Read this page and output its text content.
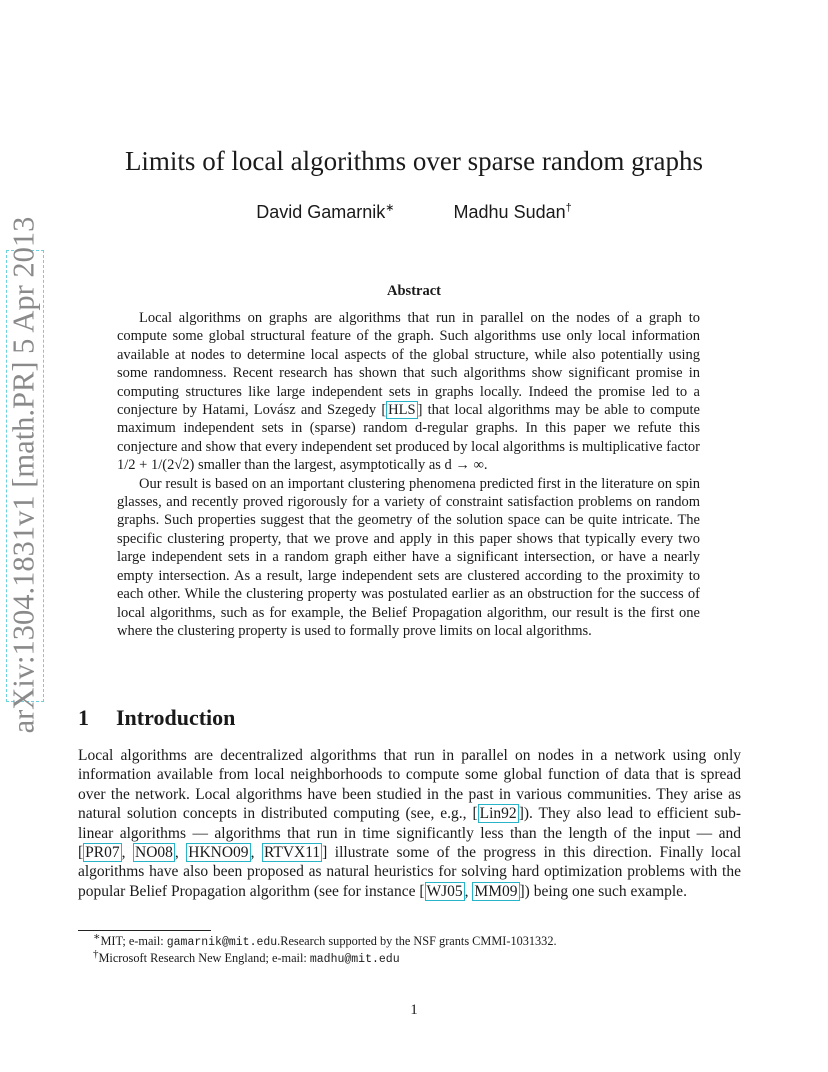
Limits of local algorithms over sparse random graphs
David Gamarnik∗	Madhu Sudan†
arXiv:1304.1831v1 [math.PR] 5 Apr 2013	Abstract

Local algorithms on graphs are algorithms that run in parallel on the nodes of a graph to compute some global structural feature of the graph. Such algorithms use only local information available at nodes to determine local aspects of the global structure, while also potentially using some randomness. Recent research has shown that such algorithms show significant promise in computing structures like large independent sets in graphs locally. Indeed the promise led to a conjecture by Hatami, Lovász and Szegedy [ HLS ] that local algorithms may be able to compute maximum independent sets in (sparse) random d-regular graphs. In this paper we refute this conjecture and show that every independent set produced by local algorithms is multiplicative factor 1/2 + 1/(2√2) smaller than the largest, asymptotically as d → ∞.

Our result is based on an important clustering phenomena predicted first in the literature on spin glasses, and recently proved rigorously for a variety of constraint satisfaction problems on random graphs. Such properties suggest that the geometry of the solution space can be quite intricate. The specific clustering property, that we prove and apply in this paper shows that typically every two large independent sets in a random graph either have a significant intersection, or have a nearly empty intersection. As a result, large independent sets are clustered according to the proximity to each other. While the clustering property was postulated earlier as an obstruction for the success of local algorithms, such as for example, the Belief Propagation algorithm, our result is the first one where the clustering property is used to formally prove limits on local algorithms.

1 Introduction

Local algorithms are decentralized algorithms that run in parallel on nodes in a network using only information available from local neighborhoods to compute some global function of data that is spread over the network. Local algorithms have been studied in the past in various communities. They arise as natural solution concepts in distributed computing (see, e.g., [ Lin92 ]). They also lead to efficient sub-linear algorithms — algorithms that run in time significantly less than the length of the input — and [ PR07 , NO08 , HKNO09 , RTVX11 ] illustrate some of the progress in this direction. Finally local algorithms have also been proposed as natural heuristics for solving hard optimization problems with the popular Belief Propagation algorithm (see for instance [ WJ05 , MM09 ]) being one such example.

∗MIT; e-mail: gamarnik@mit.edu.Research supported by the NSF grants CMMI-1031332.
†Microsoft Research New England; e-mail: madhu@mit.edu
1
